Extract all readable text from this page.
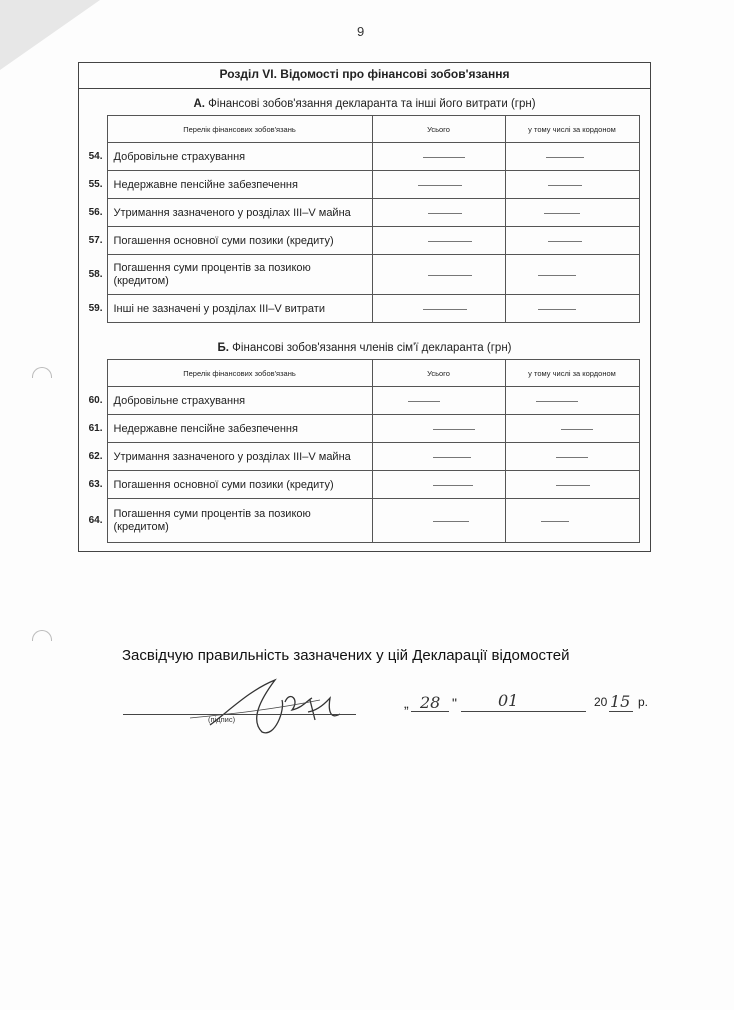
9
Розділ VI. Відомості про фінансові зобов'язання
А. Фінансові зобов'язання декларанта та інші його витрати (грн)
	Перелік фінансових зобов'язань	Усього	у тому числі за кордоном
54.	Добровільне страхування	

55.	Недержавне пенсійне забезпечення	

56.	Утримання зазначеного у розділах III–V майна	

57.	Погашення основної суми позики (кредиту)	

58.	Погашення суми процентів за позикою (кредитом)	

59.	Інші не зазначені у розділах III–V витрати	

Б. Фінансові зобов'язання членів сім'ї декларанта (грн)
	Перелік фінансових зобов'язань	Усього	у тому числі за кордоном
60.	Добровільне страхування	

61.	Недержавне пенсійне забезпечення	

62.	Утримання зазначеного у розділах III–V майна	

63.	Погашення основної суми позики (кредиту)	

64.	Погашення суми процентів за позикою (кредитом)	

Засвідчую правильність зазначених у цій Декларації відомостей
(підпис)
„ 28 "	01	20 15 р.
